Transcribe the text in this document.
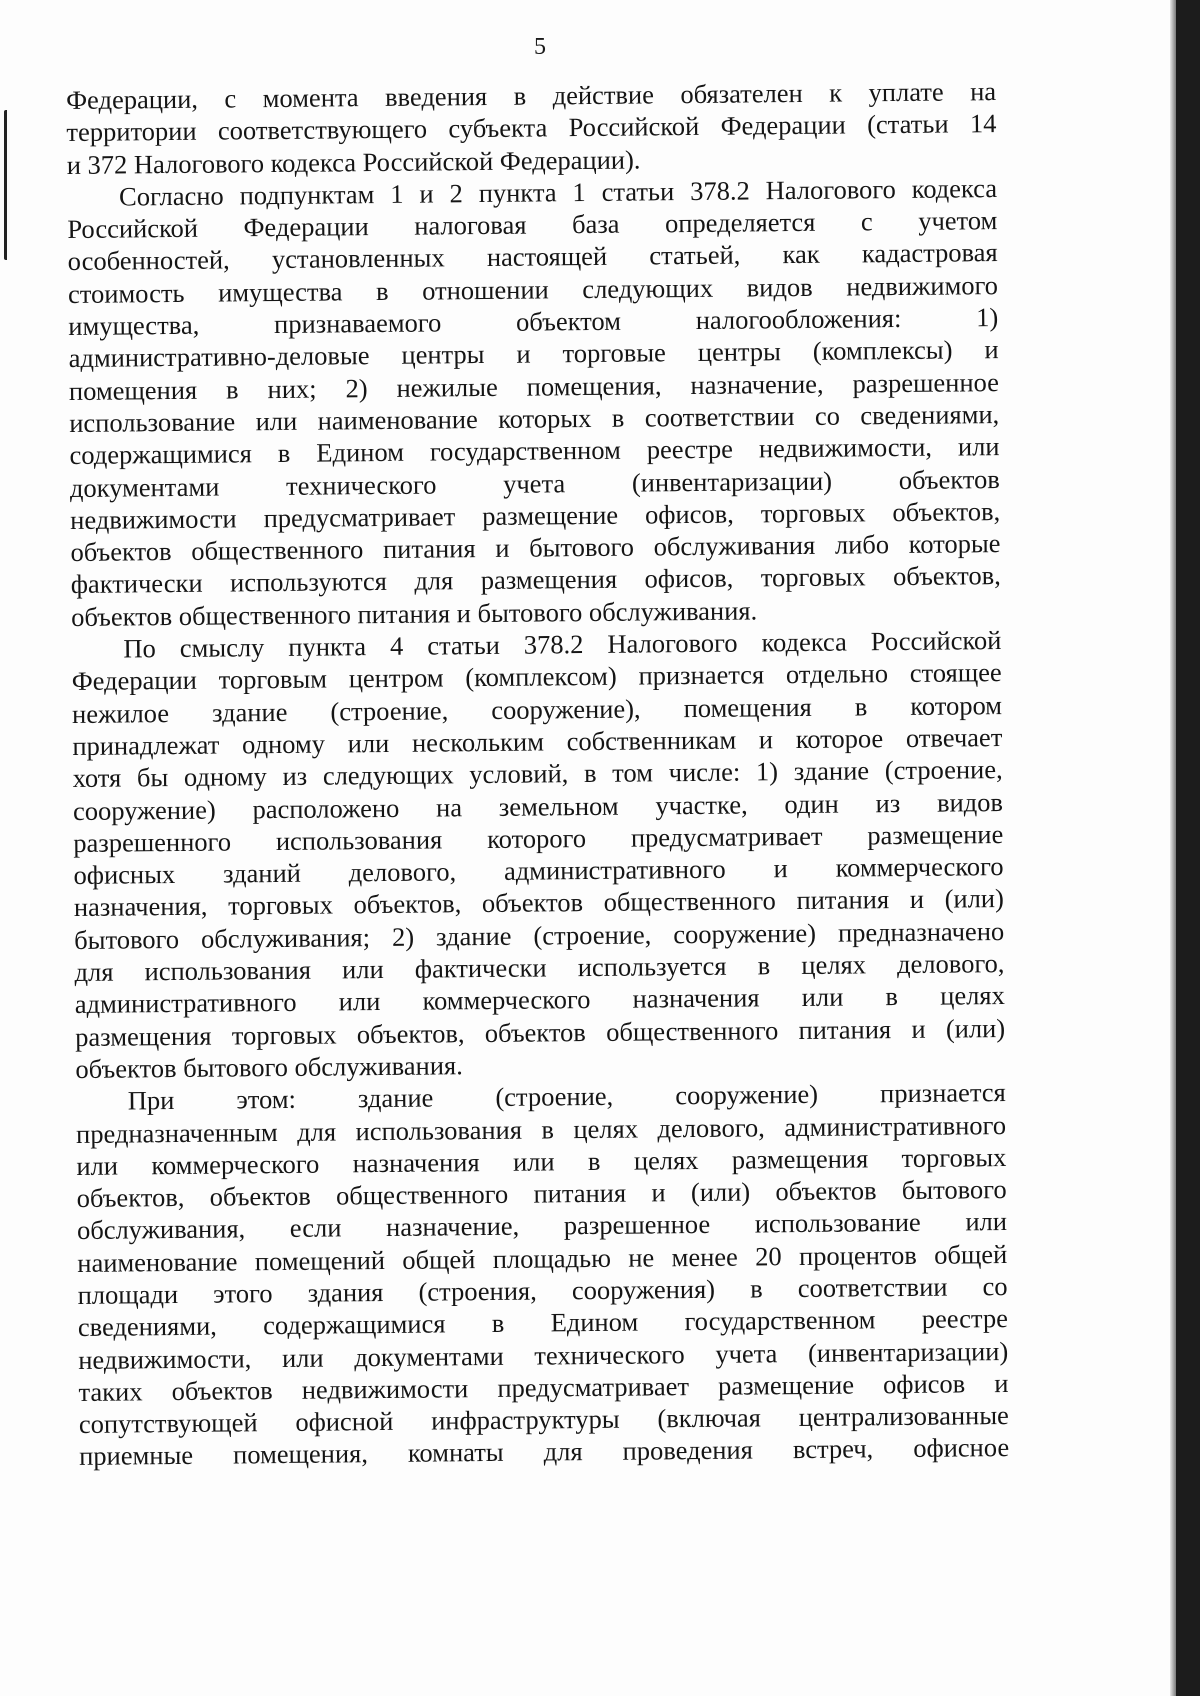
5
Федерации, с момента введения в действие обязателен к уплате на
территории соответствующего субъекта Российской Федерации (статьи 14
и 372 Налогового кодекса Российской Федерации).
Согласно подпунктам 1 и 2 пункта 1 статьи 378.2 Налогового кодекса
Российской Федерации налоговая база определяется с учетом
особенностей, установленных настоящей статьей, как кадастровая
стоимость имущества в отношении следующих видов недвижимого
имущества, признаваемого объектом налогообложения: 1)
административно-деловые центры и торговые центры (комплексы) и
помещения в них; 2) нежилые помещения, назначение, разрешенное
использование или наименование которых в соответствии со сведениями,
содержащимися в Едином государственном реестре недвижимости, или
документами технического учета (инвентаризации) объектов
недвижимости предусматривает размещение офисов, торговых объектов,
объектов общественного питания и бытового обслуживания либо которые
фактически используются для размещения офисов, торговых объектов,
объектов общественного питания и бытового обслуживания.
По смыслу пункта 4 статьи 378.2 Налогового кодекса Российской
Федерации торговым центром (комплексом) признается отдельно стоящее
нежилое здание (строение, сооружение), помещения в котором
принадлежат одному или нескольким собственникам и которое отвечает
хотя бы одному из следующих условий, в том числе: 1) здание (строение,
сооружение) расположено на земельном участке, один из видов
разрешенного использования которого предусматривает размещение
офисных зданий делового, административного и коммерческого
назначения, торговых объектов, объектов общественного питания и (или)
бытового обслуживания; 2) здание (строение, сооружение) предназначено
для использования или фактически используется в целях делового,
административного или коммерческого назначения или в целях
размещения торговых объектов, объектов общественного питания и (или)
объектов бытового обслуживания.
При этом: здание (строение, сооружение) признается
предназначенным для использования в целях делового, административного
или коммерческого назначения или в целях размещения торговых
объектов, объектов общественного питания и (или) объектов бытового
обслуживания, если назначение, разрешенное использование или
наименование помещений общей площадью не менее 20 процентов общей
площади этого здания (строения, сооружения) в соответствии со
сведениями, содержащимися в Едином государственном реестре
недвижимости, или документами технического учета (инвентаризации)
таких объектов недвижимости предусматривает размещение офисов и
сопутствующей офисной инфраструктуры (включая централизованные
приемные помещения, комнаты для проведения встреч, офисное
